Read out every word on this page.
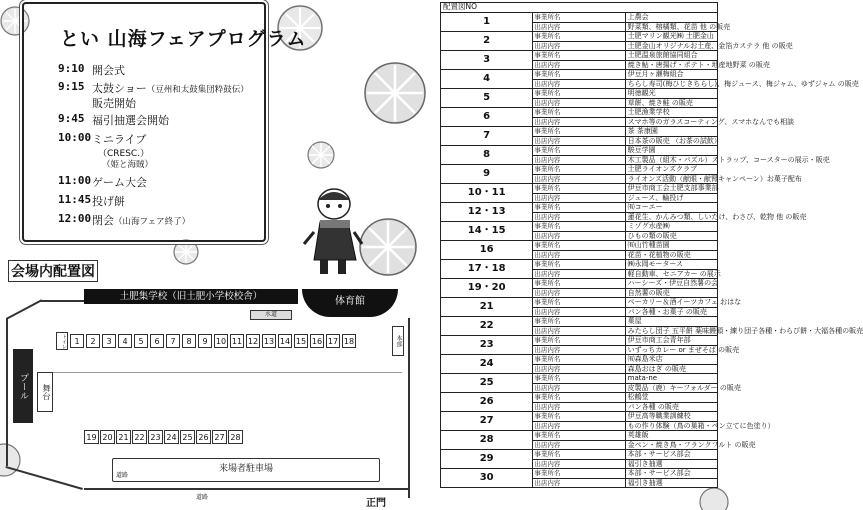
とい 山海フェアプログラム
9:10 開会式
9:15 太鼓ショー（豆州和太鼓集団粋鼓伝）
販売開始
9:45 福引抽選会開始
10:00 ミニライブ
（CRESC.）
（姫と海賊）
11:00 ゲーム大会
11:45 投げ餅
12:00 閉会（山海フェア終了）
会場内配置図
土肥集学校（旧土肥小学校校舎）	体育館
水道
トイレ	本部
1	2	3	4	5	6	7	8	9	10 11 12 13 14 15 16 17 18
プール	舞台
19 20 21 22 23 24 25 26 27 28
来場者駐車場
道路
道路
正門
配置図NO		
1	事業所名	上農会
	出店内容	野菜類、榕橘類、花苗 他 の販売
2	事業所名	土肥マリン観光㈱ 土肥金山
	出店内容	土肥金山オリジナルお土産、金箔カステラ 他 の販売
3	事業所名	土肥温泉旅館協同組合
	出店内容	焼き鮎・唐揚げ・ポテト・地産地野菜 の販売
4	事業所名	伊豆月ヶ瀬梅組合
	出店内容	ちらし寿司(梅ひじきちらし)、梅ジュース、梅ジャム、ゆずジャム の販売
5	事業所名	明徳観光
	出店内容	草餅、焼き鮭 の販売
6	事業所名	土肥漁業学校
	出店内容	スマホ等のガラスコーティング、スマホなんでも相談
7	事業所名	茶 茶康園
	出店内容	日本茶の販売 （お茶の試飲）
8	事業所名	駿豆学園
	出店内容	木工製品（組木・パズル）ストラップ、コースターの展示・販売
9	事業所名	土肥ライオンズクラブ
	出店内容	ライオンズ活動（献眼・献腎キャンペーン）お菓子配布
10・11	事業所名	伊豆市商工会土肥支部事業部
	出店内容	ジュース、輪投げ
12・13	事業所名	㈲コーエー
	出店内容	蓮花生、かんみつ類、しいたけ、わさび、乾物 他 の販売
14・15	事業所名	ミゾグ水産㈱
	出店内容	ひもの類の販売
16	事業所名	㈲山竹種苗園
	出店内容	花苗・花植物の販売
17・18	事業所名	㈱永岡モータース
	出店内容	軽自動車、セニアカー の展示
19・20	事業所名	ハーシーズ・伊豆自然薯の会
	出店内容	自然薯の販売
21	事業所名	ベーカリー＆酒イーツカフェ おはな
	出店内容	パン各種・お菓子 の販売
22	事業所名	菓屋
	出店内容	みたらし団子 五平餅 薬味饅頭・練り団子各種・わらび餅・大福各種の販売
23	事業所名	伊豆市商工会青年部
	出店内容	いずっちカレー or まぜそば の販売
24	事業所名	㈲森島米店
	出店内容	森島おはぎ の販売
25	事業所名	mata-ne
	出店内容	皮製品（鹿）キーフォルダー の販売
26	事業所名	松鶴堂
	出店内容	パン各種 の販売
27	事業所名	伊豆高等職業訓練校
	出店内容	もの作り体験（鳥の巣箱・ペン立てに色塗り）
28	事業所名	英雄飯
	出店内容	金ペン・焼き鳥・フランクフルト の販売
29	事業所名	本部・サービス部会
	出店内容	福引き抽選
30	事業所名	本部・サービス部会
	出店内容	福引き抽選
